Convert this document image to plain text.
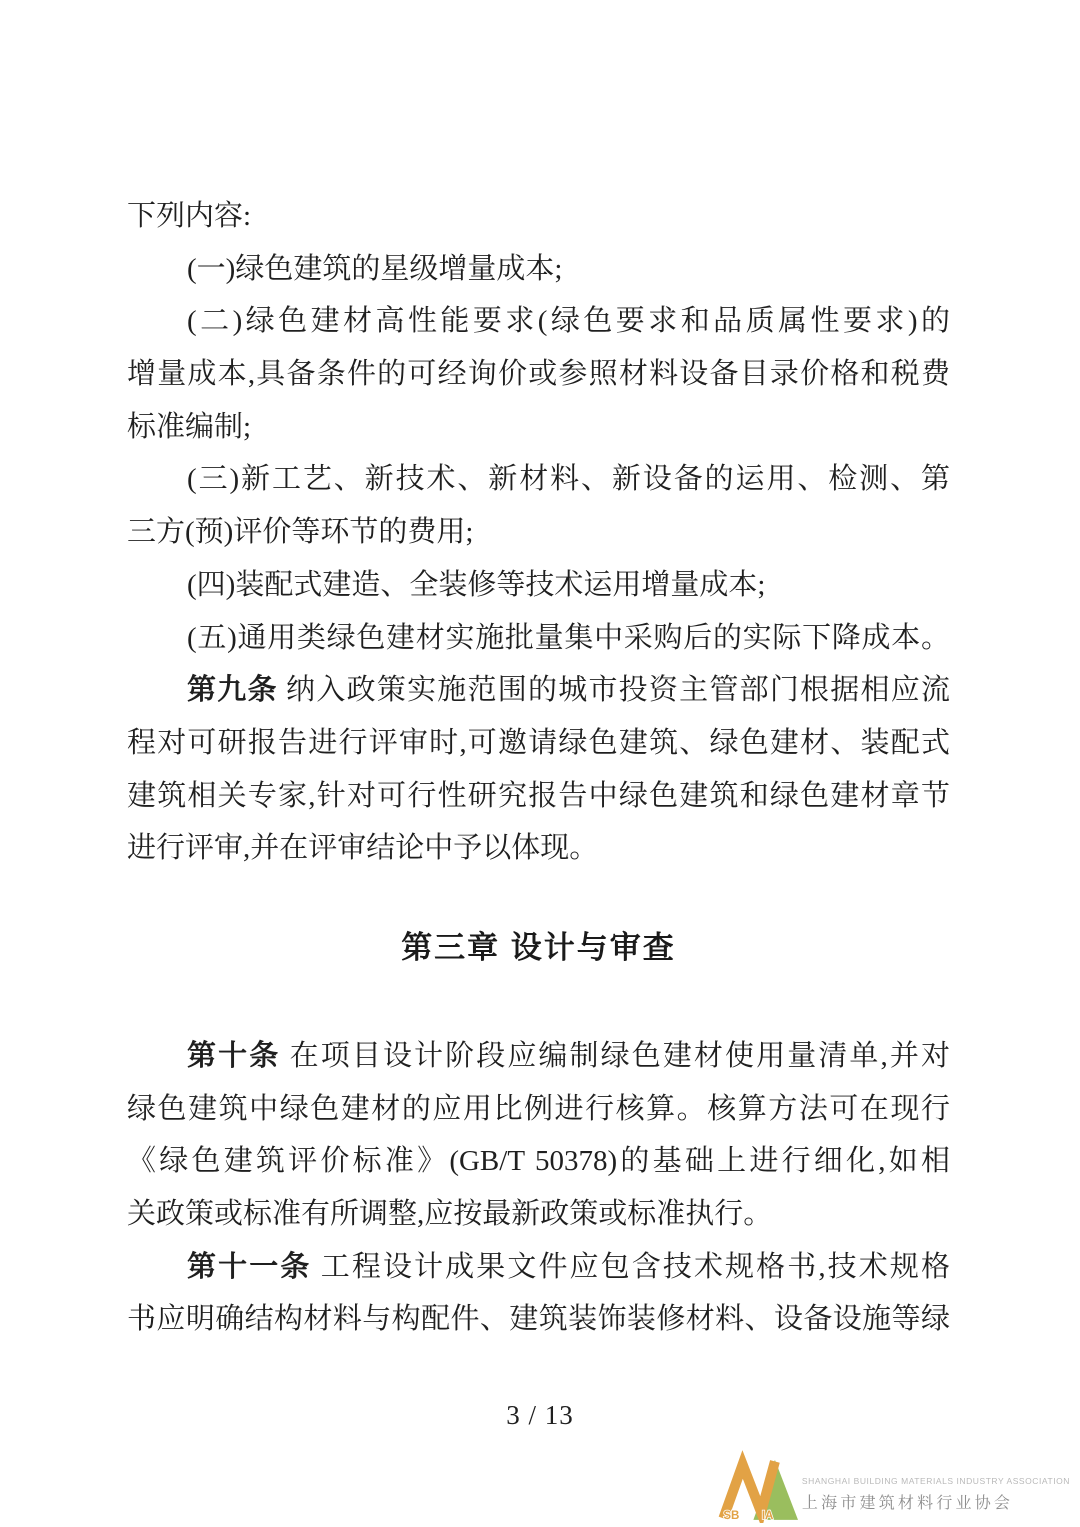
下列内容:
(一)绿色建筑的星级增量成本;
(二)绿色建材高性能要求(绿色要求和品质属性要求)的
增量成本,具备条件的可经询价或参照材料设备目录价格和税费
标准编制;
(三)新工艺、新技术、新材料、新设备的运用、检测、第
三方(预)评价等环节的费用;
(四)装配式建造、全装修等技术运用增量成本;
(五)通用类绿色建材实施批量集中采购后的实际下降成本。
第九条 纳入政策实施范围的城市投资主管部门根据相应流
程对可研报告进行评审时,可邀请绿色建筑、绿色建材、装配式
建筑相关专家,针对可行性研究报告中绿色建筑和绿色建材章节
进行评审,并在评审结论中予以体现。
第三章 设计与审查
第十条 在项目设计阶段应编制绿色建材使用量清单,并对
绿色建筑中绿色建材的应用比例进行核算。核算方法可在现行
《绿色建筑评价标准》(GB/T 50378)的基础上进行细化,如相
关政策或标准有所调整,应按最新政策或标准执行。
第十一条 工程设计成果文件应包含技术规格书,技术规格
书应明确结构材料与构配件、建筑装饰装修材料、设备设施等绿
3 / 13
SB IA
SHANGHAI BUILDING MATERIALS INDUSTRY ASSOCIATION
上海市建筑材料行业协会
